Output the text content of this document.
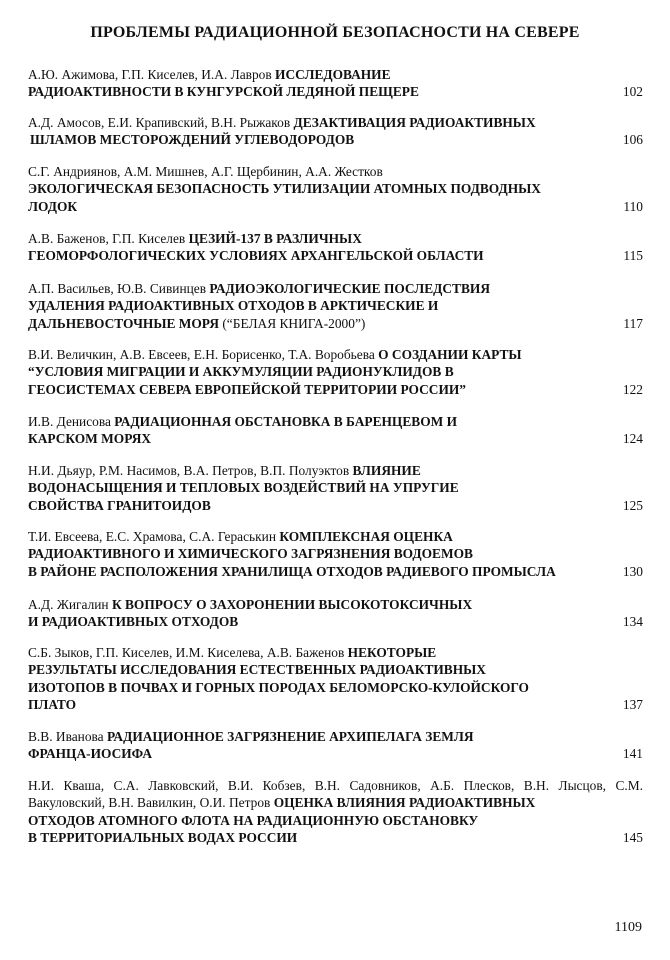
ПРОБЛЕМЫ РАДИАЦИОННОЙ БЕЗОПАСНОСТИ НА СЕВЕРЕ
А.Ю. Ажимова, Г.П. Киселев, И.А. Лавров ИССЛЕДОВАНИЕ
РАДИОАКТИВНОСТИ В КУНГУРСКОЙ ЛЕДЯНОЙ ПЕЩЕРЕ	102
А.Д. Амосов, Е.И. Крапивский, В.Н. Рыжаков ДЕЗАКТИВАЦИЯ РАДИОАКТИВНЫХ
ШЛАМОВ МЕСТОРОЖДЕНИЙ УГЛЕВОДОРОДОВ	106
С.Г. Андриянов, А.М. Мишнев, А.Г. Щербинин, А.А. Жестков
ЭКОЛОГИЧЕСКАЯ БЕЗОПАСНОСТЬ УТИЛИЗАЦИИ АТОМНЫХ ПОДВОДНЫХ
ЛОДОК	110
А.В. Баженов, Г.П. Киселев ЦЕЗИЙ-137 В РАЗЛИЧНЫХ
ГЕОМОРФОЛОГИЧЕСКИХ УСЛОВИЯХ АРХАНГЕЛЬСКОЙ ОБЛАСТИ	115
А.П. Васильев, Ю.В. Сивинцев РАДИОЭКОЛОГИЧЕСКИЕ ПОСЛЕДСТВИЯ
УДАЛЕНИЯ РАДИОАКТИВНЫХ ОТХОДОВ В АРКТИЧЕСКИЕ И
ДАЛЬНЕВОСТОЧНЫЕ МОРЯ (“БЕЛАЯ КНИГА-2000”)	117
В.И. Величкин, А.В. Евсеев, Е.Н. Борисенко, Т.А. Воробьева О СОЗДАНИИ КАРТЫ
“УСЛОВИЯ МИГРАЦИИ И АККУМУЛЯЦИИ РАДИОНУКЛИДОВ В
ГЕОСИСТЕМАХ СЕВЕРА ЕВРОПЕЙСКОЙ ТЕРРИТОРИИ РОССИИ”	122
И.В. Денисова РАДИАЦИОННАЯ ОБСТАНОВКА В БАРЕНЦЕВОМ И
КАРСКОМ МОРЯХ	124
Н.И. Дьяур, Р.М. Насимов, В.А. Петров, В.П. Полуэктов ВЛИЯНИЕ
ВОДОНАСЫЩЕНИЯ И ТЕПЛОВЫХ ВОЗДЕЙСТВИЙ НА УПРУГИЕ
СВОЙСТВА ГРАНИТОИДОВ	125
Т.И. Евсеева, Е.С. Храмова, С.А. Гераськин КОМПЛЕКСНАЯ ОЦЕНКА
РАДИОАКТИВНОГО И ХИМИЧЕСКОГО ЗАГРЯЗНЕНИЯ ВОДОЕМОВ
В РАЙОНЕ РАСПОЛОЖЕНИЯ ХРАНИЛИЩА ОТХОДОВ РАДИЕВОГО ПРОМЫСЛА	130
А.Д. Жигалин К ВОПРОСУ О ЗАХОРОНЕНИИ ВЫСОКОТОКСИЧНЫХ
И РАДИОАКТИВНЫХ ОТХОДОВ	134
С.Б. Зыков, Г.П. Киселев, И.М. Киселева, А.В. Баженов НЕКОТОРЫЕ
РЕЗУЛЬТАТЫ ИССЛЕДОВАНИЯ ЕСТЕСТВЕННЫХ РАДИОАКТИВНЫХ
ИЗОТОПОВ В ПОЧВАХ И ГОРНЫХ ПОРОДАХ БЕЛОМОРСКО-КУЛОЙСКОГО
ПЛАТО	137
В.В. Иванова РАДИАЦИОННОЕ ЗАГРЯЗНЕНИЕ АРХИПЕЛАГА ЗЕМЛЯ
ФРАНЦА-ИОСИФА	141
Н.И. Кваша, С.А. Лавковский, В.И. Кобзев, В.Н. Садовников, А.Б. Плесков, В.Н. Лысцов, С.М.
Вакуловский, В.Н. Вавилкин, О.И. Петров ОЦЕНКА ВЛИЯНИЯ РАДИОАКТИВНЫХ
ОТХОДОВ АТОМНОГО ФЛОТА НА РАДИАЦИОННУЮ ОБСТАНОВКУ
В ТЕРРИТОРИАЛЬНЫХ ВОДАХ РОССИИ	145
1109
